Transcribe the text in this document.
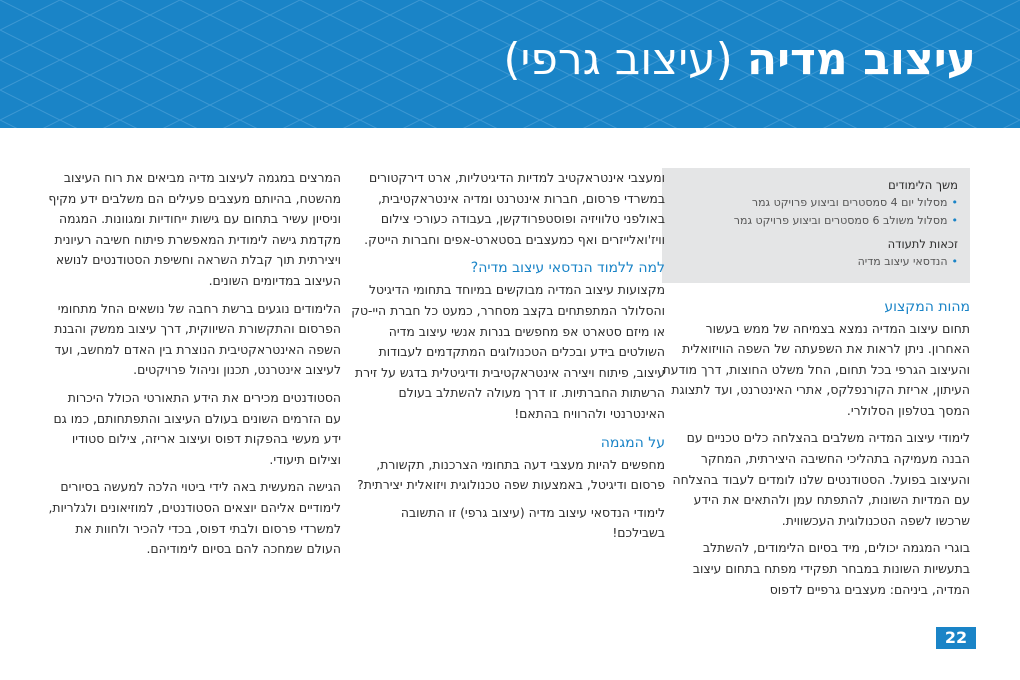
עיצוב מדיה (עיצוב גרפי)
משך הלימודים
•מסלול יום 4 סמסטרים וביצוע פרויקט גמר
•מסלול משולב 6 סמסטרים וביצוע פרויקט גמר
זכאות לתעודה
•הנדסאי עיצוב מדיה
מהות המקצוע

תחום עיצוב המדיה נמצא בצמיחה של ממש בעשור האחרון. ניתן לראות את השפעתה של השפה הוויזואלית והעיצוב הגרפי בכל תחום, החל משלט החוצות, דרך מודעת העיתון, אריזת הקורנפלקס, אתרי האינטרנט, ועד לתצוגת המסך בטלפון הסלולרי.

לימודי עיצוב המדיה משלבים בהצלחה כלים טכניים עם הבנה מעמיקה בתהליכי החשיבה היצירתית, המחקר והעיצוב בפועל. הסטודנטים שלנו לומדים לעבוד בהצלחה עם המדיות השונות, להתפתח עמן ולהתאים את הידע שרכשו לשפה הטכנולוגית העכשווית.

בוגרי המגמה יכולים, מיד בסיום הלימודים, להשתלב בתעשיות השונות במבחר תפקידי מפתח בתחום עיצוב המדיה, ביניהם: מעצבים גרפיים לדפוס

ומעצבי אינטראקטיב למדיות הדיגיטליות, ארט דירקטורים במשרדי פרסום, חברות אינטרנט ומדיה אינטראקטיבית, באולפני טלוויזיה ופוסטפרודקשן, בעבודה כעורכי צילום וויז'ואלייזרים ואף כמעצבים בסטארט-אפים וחברות הייטק.

למה ללמוד הנדסאי עיצוב מדיה?

מקצועות עיצוב המדיה מבוקשים במיוחד בתחומי הדיגיטל והסלולר המתפתחים בקצב מסחרר, כמעט כל חברת היי-טק או מיזם סטארט אפ מחפשים בנרות אנשי עיצוב מדיה השולטים בידע ובכלים הטכנולוגים המתקדמים לעבודות עיצוב, פיתוח ויצירה אינטראקטיבית ודיגיטלית בדגש על זירת הרשתות החברתיות. זו דרך מעולה להשתלב בעולם האינטרנטי ולהרוויח בהתאם!

על המגמה

מחפשים להיות מעצבי דעה בתחומי הצרכנות, תקשורת, פרסום ודיגיטל, באמצעות שפה טכנולוגית ויזואלית יצירתית?

לימודי הנדסאי עיצוב מדיה (עיצוב גרפי) זו התשובה בשבילכם!

המרצים במגמה לעיצוב מדיה מביאים את רוח העיצוב מהשטח, בהיותם מעצבים פעילים הם משלבים ידע מקיף וניסיון עשיר בתחום עם גישות ייחודיות ומגוונות. המגמה מקדמת גישה לימודית המאפשרת פיתוח חשיבה רעיונית ויצירתית תוך קבלת השראה וחשיפת הסטודנטים לנושא העיצוב במדיומים השונים.

הלימודים נוגעים ברשת רחבה של נושאים החל מתחומי הפרסום והתקשורת השיווקית, דרך עיצוב ממשק והבנת השפה האינטראקטיבית הנוצרת בין האדם למחשב, ועד לעיצוב אינטרנט, תכנון וניהול פרויקטים.

הסטודנטים מכירים את הידע התאורטי הכולל היכרות עם הזרמים השונים בעולם העיצוב והתפתחותם, כמו גם ידע מעשי בהפקות דפוס ועיצוב אריזה, צילום סטודיו וצילום תיעודי.

הגישה המעשית באה לידי ביטוי הלכה למעשה בסיורים לימודיים אליהם יוצאים הסטודנטים, למוזיאונים ולגלריות, למשרדי פרסום ולבתי דפוס, בכדי להכיר ולחוות את העולם שמחכה להם בסיום לימודיהם.

22
